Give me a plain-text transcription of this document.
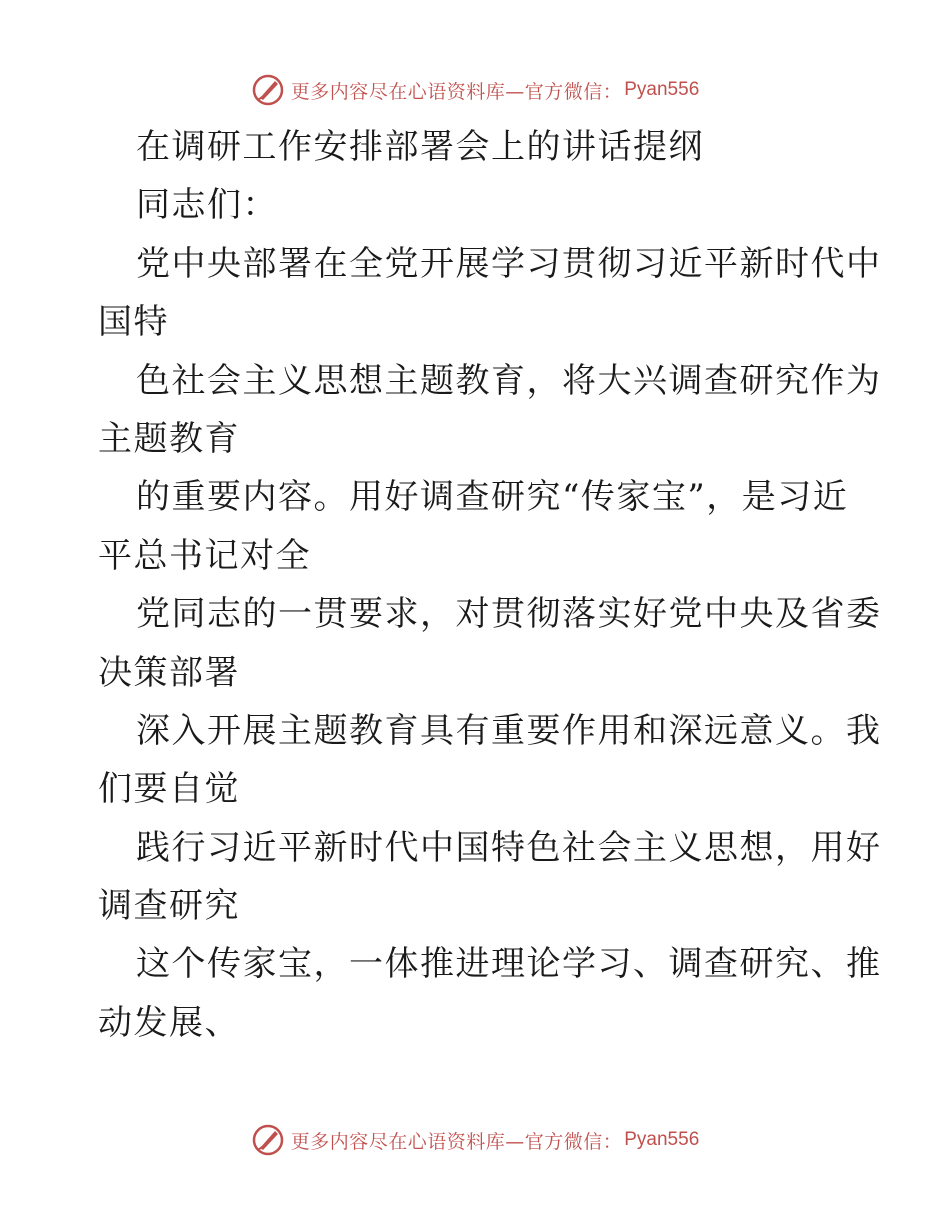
更多内容尽在心语资料库—官方微信： Pyan556
在调研工作安排部署会上的讲话提纲
同志们：
党中央部署在全党开展学习贯彻习近平新时代中
国特
色社会主义思想主题教育，将大兴调查研究作为
主题教育
的重要内容。用好调查研究“传家宝”，是习近
平总书记对全
党同志的一贯要求，对贯彻落实好党中央及省委
决策部署
深入开展主题教育具有重要作用和深远意义。我
们要自觉
践行习近平新时代中国特色社会主义思想，用好
调查研究
这个传家宝，一体推进理论学习、调查研究、推
动发展、
更多内容尽在心语资料库—官方微信： Pyan556
